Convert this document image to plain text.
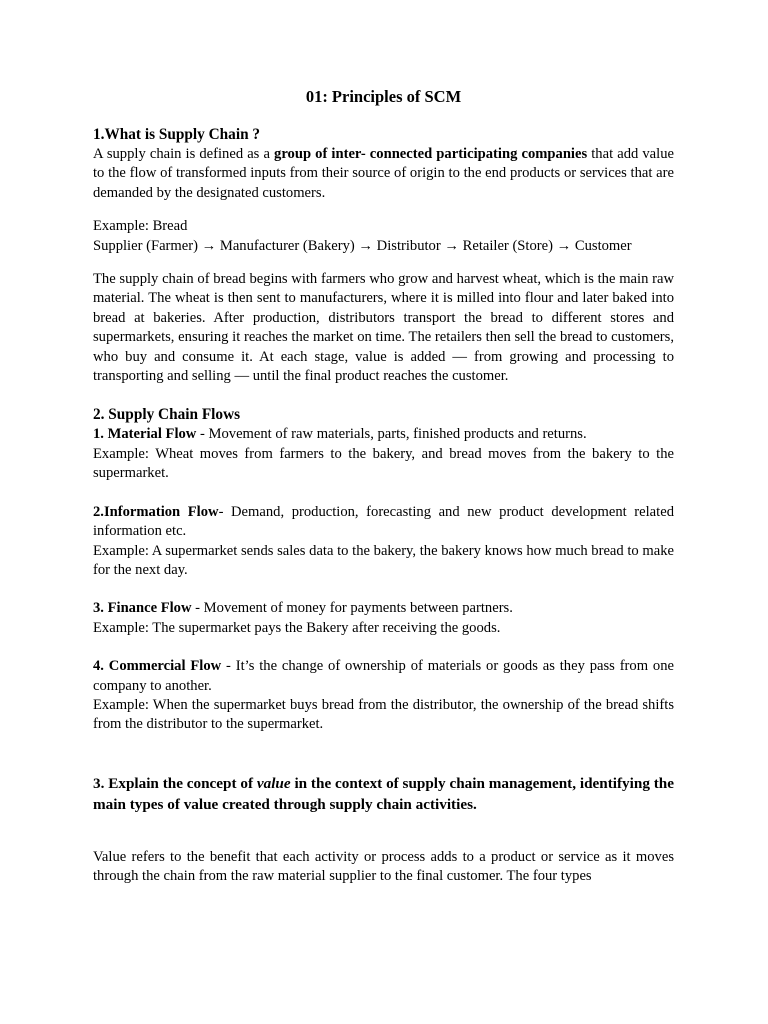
01: Principles of SCM
1.What is Supply Chain ?

A supply chain is defined as a group of inter- connected participating companies that add value to the flow of transformed inputs from their source of origin to the end products or services that are demanded by the designated customers.

Example: Bread

Supplier (Farmer) → Manufacturer (Bakery) → Distributor → Retailer (Store) → Customer

The supply chain of bread begins with farmers who grow and harvest wheat, which is the main raw material. The wheat is then sent to manufacturers, where it is milled into flour and later baked into bread at bakeries. After production, distributors transport the bread to different stores and supermarkets, ensuring it reaches the market on time. The retailers then sell the bread to customers, who buy and consume it. At each stage, value is added — from growing and processing to transporting and selling — until the final product reaches the customer.

2. Supply Chain Flows

1. Material Flow - Movement of raw materials, parts, finished products and returns.

Example: Wheat moves from farmers to the bakery, and bread moves from the bakery to the supermarket.

2.Information Flow- Demand, production, forecasting and new product development related information etc.

Example: A supermarket sends sales data to the bakery, the bakery knows how much bread to make for the next day.

3. Finance Flow - Movement of money for payments between partners.

Example: The supermarket pays the Bakery after receiving the goods.

4. Commercial Flow - It’s the change of ownership of materials or goods as they pass from one company to another.

Example: When the supermarket buys bread from the distributor, the ownership of the bread shifts from the distributor to the supermarket.

3. Explain the concept of value in the context of supply chain management, identifying the main types of value created through supply chain activities.

Value refers to the benefit that each activity or process adds to a product or service as it moves through the chain from the raw material supplier to the final customer. The four types
